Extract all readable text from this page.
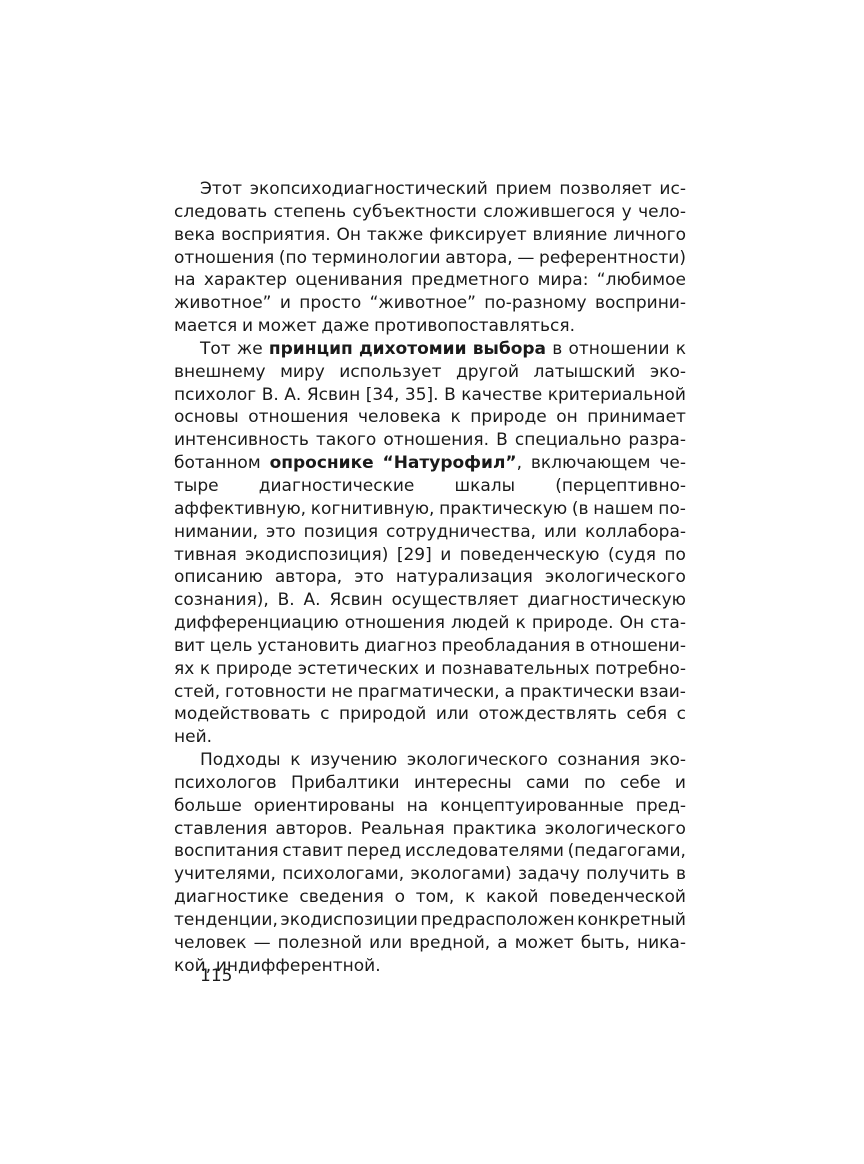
Этот экопсиходиагностический прием позволяет ис-
следовать степень субъектности сложившегося у чело-
века восприятия. Он также фиксирует влияние личного
отношения (по терминологии автора, — референтности)
на характер оценивания предметного мира: “любимое
животное” и просто “животное” по-разному восприни-
мается и может даже противопоставляться.
Тот же принцип дихотомии выбора в отношении к
внешнему миру использует другой латышский эко-
психолог В. А. Ясвин [34, 35]. В качестве критериальной
основы отношения человека к природе он принимает
интенсивность такого отношения. В специально разра-
ботанном опроснике “Натурофил”, включающем че-
тыре диагностические шкалы (перцептивно-
аффективную, когнитивную, практическую (в нашем по-
нимании, это позиция сотрудничества, или коллабора-
тивная экодиспозиция) [29] и поведенческую (судя по
описанию автора, это натурализация экологического
сознания), В. А. Ясвин осуществляет диагностическую
дифференциацию отношения людей к природе. Он ста-
вит цель установить диагноз преобладания в отношени-
ях к природе эстетических и познавательных потребно-
стей, готовности не прагматически, а практически взаи-
модействовать с природой или отождествлять себя с
ней.
Подходы к изучению экологического сознания эко-
психологов Прибалтики интересны сами по себе и
больше ориентированы на концептуированные пред-
ставления авторов. Реальная практика экологического
воспитания ставит перед исследователями (педагогами,
учителями, психологами, экологами) задачу получить в
диагностике сведения о том, к какой поведенческой
тенденции, экодиспозиции предрасположен конкретный
человек — полезной или вредной, а может быть, ника-
кой, индифферентной.
115
